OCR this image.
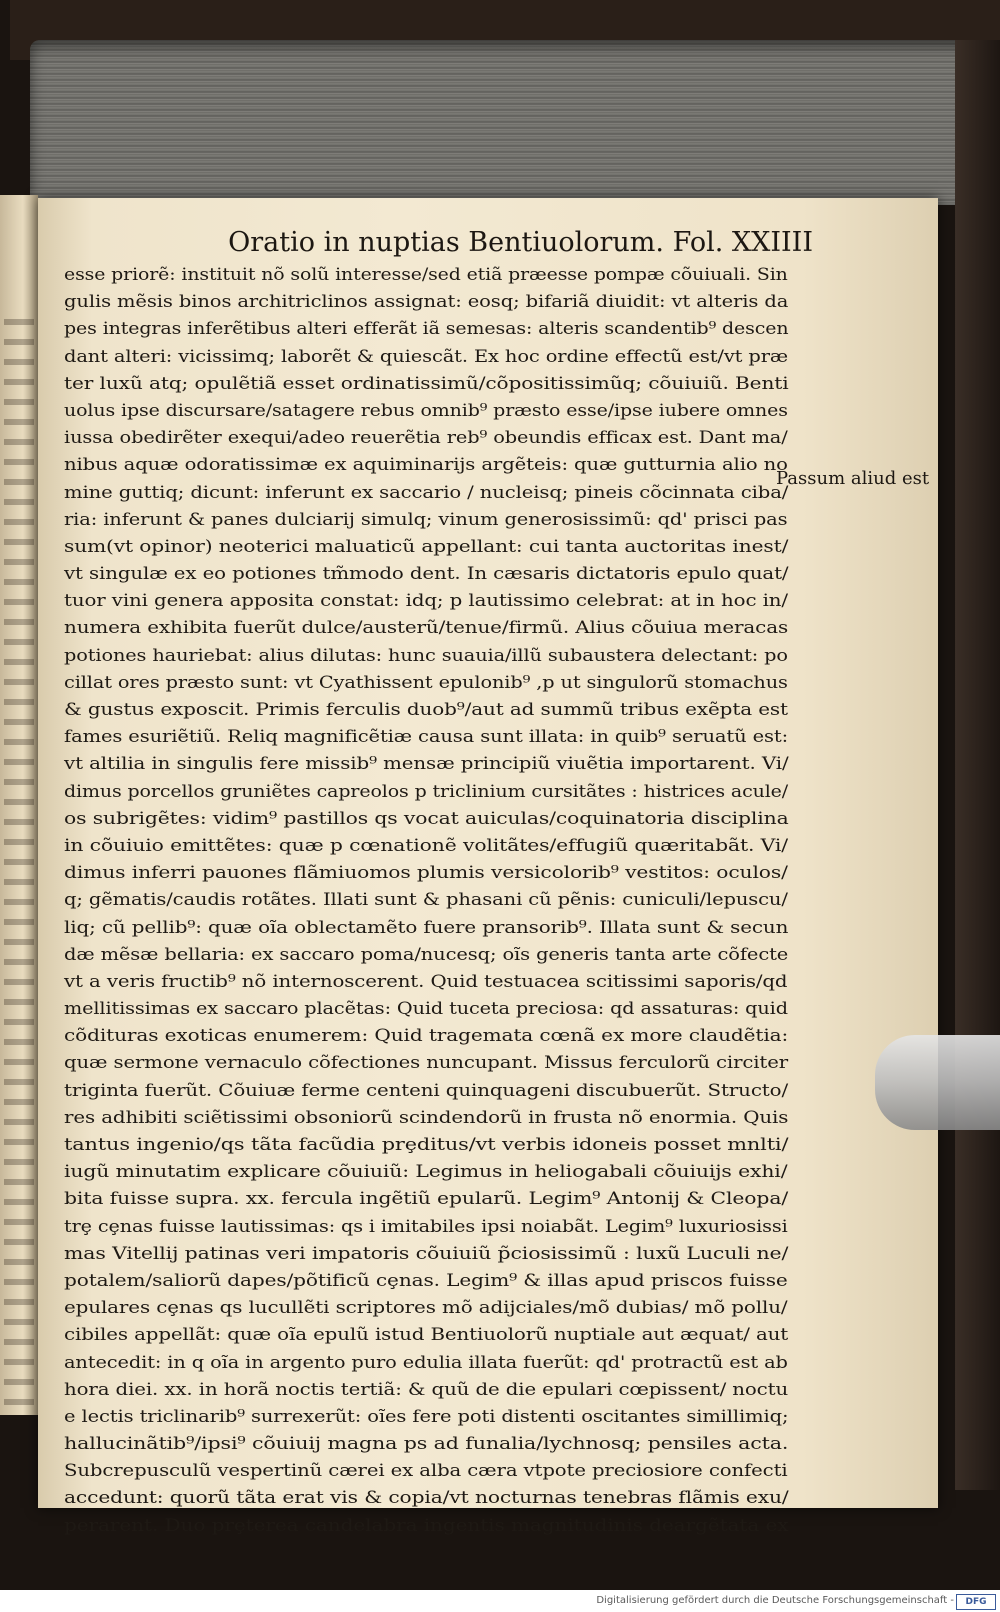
Oratio in nuptias Bentiuolorum. Fol. XXIIII
esse priorẽ: instituit nõ solũ interesse/sed etiã præesse pompæ cõuiuali. Sin
gulis mẽsis binos architriclinos assignat: eosq; bifariã diuidit: vt alteris da
pes integras inferẽtibus alteri efferãt iã semesas: alteris scandentib⁹ descen
dant alteri: vicissimq; laborẽt & quiescãt. Ex hoc ordine effectũ est/vt præ
ter luxũ atq; opulẽtiã esset ordinatissimũ/cõpositissimũq; cõuiuiũ. Benti
uolus ipse discursare/satagere rebus omnib⁹ præsto esse/ipse iubere omnes
iussa obedirẽter exequi/adeo reuerẽtia reb⁹ obeundis efficax est. Dant ma/
nibus aquæ odoratissimæ ex aquiminarijs argẽteis: quæ gutturnia alio no
mine guttiq; dicunt: inferunt ex saccario / nucleisq; pineis cõcinnata ciba/
ria: inferunt & panes dulciarij simulq; vinum generosissimũ: qd' prisci pas
sum(vt opinor) neoterici maluaticũ appellant: cui tanta auctoritas inest/
vt singulæ ex eo potiones tm̃modo dent. In cæsaris dictatoris epulo quat/
tuor vini genera apposita constat: idq; p lautissimo celebrat: at in hoc in/
numera exhibita fuerũt dulce/austerũ/tenue/firmũ. Alius cõuiua meracas
potiones hauriebat: alius dilutas: hunc suauia/illũ subaustera delectant: po
cillat ores præsto sunt: vt Cyathissent epulonib⁹ ,p ut singulorũ stomachus
& gustus exposcit. Primis ferculis duob⁹/aut ad summũ tribus exẽpta est
fames esuriẽtiũ. Reliq magnificẽtiæ causa sunt illata: in quib⁹ seruatũ est:
vt altilia in singulis fere missib⁹ mensæ principiũ viuẽtia importarent. Vi/
dimus porcellos gruniẽtes capreolos p triclinium cursitãtes : histrices acule/
os subrigẽtes: vidim⁹ pastillos qs vocat auiculas/coquinatoria disciplina
in cõuiuio emittẽtes: quæ p cœnationẽ volitãtes/effugiũ quæritabãt. Vi/
dimus inferri pauones flãmiuomos plumis versicolorib⁹ vestitos: oculos/
q; gẽmatis/caudis rotãtes. Illati sunt & phasani cũ pẽnis: cuniculi/lepuscu/
liq; cũ pellib⁹: quæ oĩa oblectamẽto fuere pransorib⁹. Illata sunt & secun
dæ mẽsæ bellaria: ex saccaro poma/nucesq; oĩs generis tanta arte cõfecte
vt a veris fructib⁹ nõ internoscerent. Quid testuacea scitissimi saporis/qd
mellitissimas ex saccaro placẽtas: Quid tuceta preciosa: qd assaturas: quid
cõdituras exoticas enumerem: Quid tragemata cœnã ex more claudẽtia:
quæ sermone vernaculo cõfectiones nuncupant. Missus ferculorũ circiter
triginta fuerũt. Cõuiuæ ferme centeni quinquageni discubuerũt. Structo/
res adhibiti sciẽtissimi obsoniorũ scindendorũ in frusta nõ enormia. Quis
tantus ingenio/qs tãta facũdia prȩditus/vt verbis idoneis posset mnlti/
iugũ minutatim explicare cõuiuiũ: Legimus in heliogabali cõuiuijs exhi/
bita fuisse supra. xx. fercula ingẽtiũ epularũ. Legim⁹ Antonij & Cleopa/
trȩ cȩnas fuisse lautissimas: qs i imitabiles ipsi noiabãt. Legim⁹ luxuriosissi
mas Vitellij patinas veri impatoris cõuiuiũ p̃ciosissimũ : luxũ Luculi ne/
potalem/saliorũ dapes/põtificũ cȩnas. Legim⁹ & illas apud priscos fuisse
epulares cȩnas qs lucullẽti scriptores mõ adijciales/mõ dubias/ mõ pollu/
cibiles appellãt: quæ oĩa epulũ istud Bentiuolorũ nuptiale aut æquat/ aut
antecedit: in q oĩa in argento puro edulia illata fuerũt: qd' protractũ est ab
hora diei. xx. in horã noctis tertiã: & quũ de die epulari cœpissent/ noctu
e lectis triclinarib⁹ surrexerũt: oĩes fere poti distenti oscitantes simillimiq;
hallucinãtib⁹/ipsi⁹ cõuiuij magna ps ad funalia/lychnosq; pensiles acta.
Subcrepusculũ vespertinũ cærei ex alba cæra vtpote preciosiore confecti
accedunt: quorũ tãta erat vis & copia/vt nocturnas tenebras flãmis exu/
perarent. Duo prȩterea candelabra ingentis magnitudinis deargẽtata ex
Passum aliud est
Digitalisierung gefördert durch die Deutsche Forschungsgemeinschaft -	DFG
